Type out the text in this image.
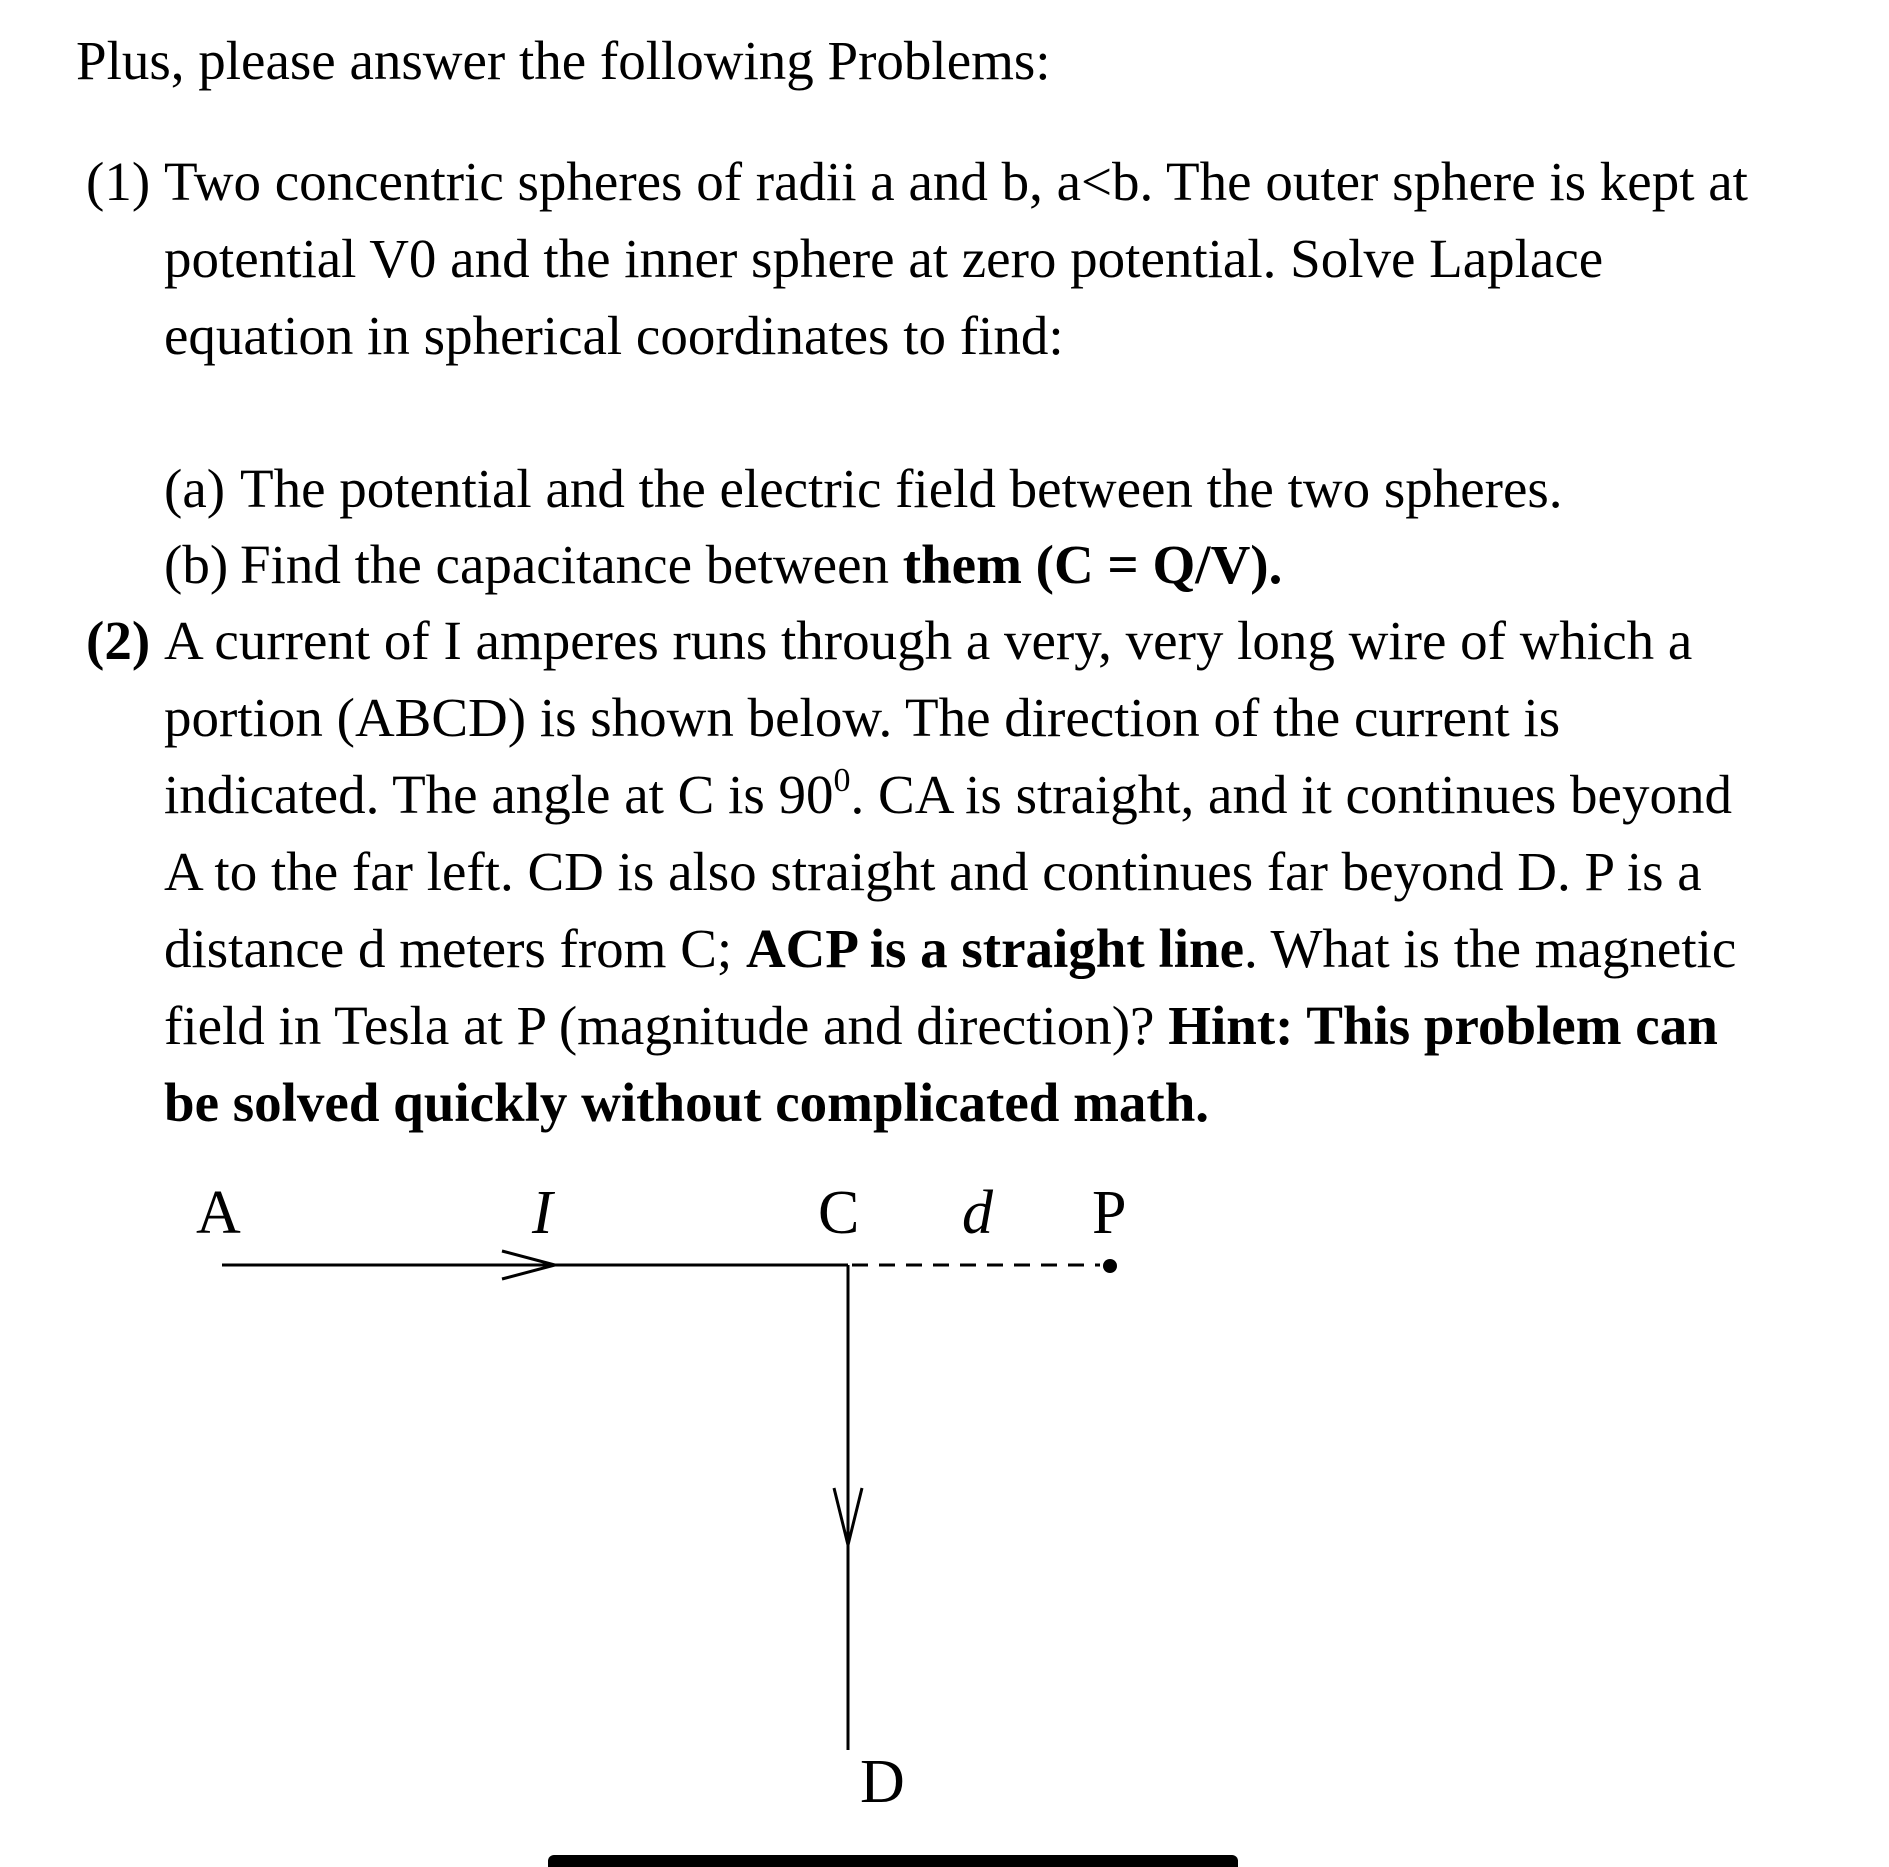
Plus, please answer the following Problems:
(1) Two concentric spheres of radii a and b, a<b. The outer sphere is kept at
potential V0 and the inner sphere at zero potential. Solve Laplace
equation in spherical coordinates to find:
(a) The potential and the electric field between the two spheres.
(b) Find the capacitance between them (C = Q/V).
(2) A current of I amperes runs through a very, very long wire of which a
portion (ABCD) is shown below. The direction of the current is
indicated. The angle at C is $90^0$. CA is straight, and it continues beyond
A to the far left. CD is also straight and continues far beyond D. P is a
distance d meters from C; ACP is a straight line. What is the magnetic
field in Tesla at P (magnitude and direction)? Hint: This problem can
be solved quickly without complicated math.
A	I	C d P
D
